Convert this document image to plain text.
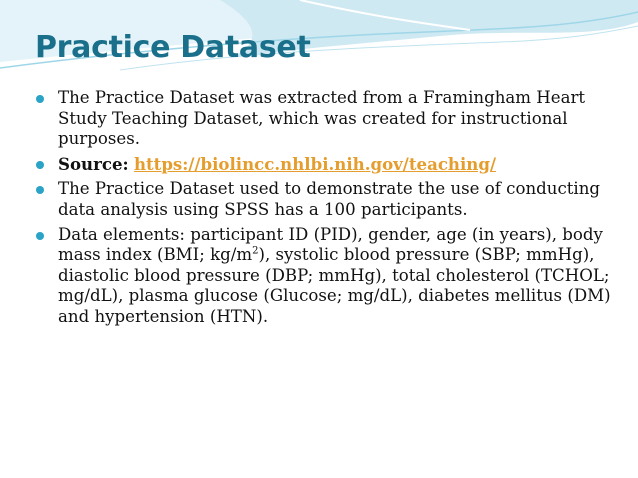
Practice Dataset
The Practice Dataset was extracted from a Framingham Heart Study Teaching Dataset, which was created for instructional purposes.
Source: https://biolincc.nhlbi.nih.gov/teaching/
The Practice Dataset used to demonstrate the use of conducting data analysis using SPSS has a 100 participants.
Data elements: participant ID (PID), gender, age (in years), body mass index (BMI; $kg/m^2$), systolic blood pressure (SBP; mmHg), diastolic blood pressure (DBP; mmHg), total cholesterol (TCHOL; mg/dL), plasma glucose (Glucose; mg/dL), diabetes mellitus (DM) and hypertension (HTN).
